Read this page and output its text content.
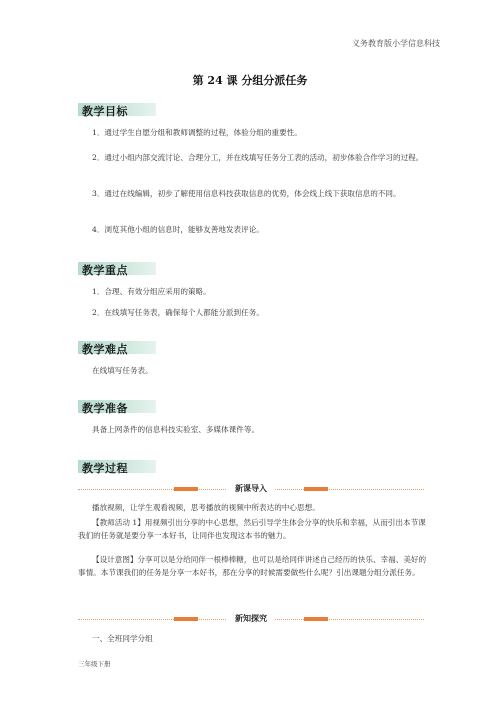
义务教育版小学信息科技
第 24 课 分组分派任务
教学目标
1．通过学生自愿分组和教师调整的过程，体验分组的重要性。
2．通过小组内部交流讨论、合理分工，并在线填写任务分工表的活动，初步体验合作学习的过程。
3．通过在线编辑，初步了解使用信息科技获取信息的优势，体会线上线下获取信息的不同。
4．浏览其他小组的信息时，能够友善地发表评论。
教学重点
1．合理、有效分组应采用的策略。
2．在线填写任务表，确保每个人都能分派到任务。
教学难点
在线填写任务表。
教学准备
具备上网条件的信息科技实验室、多媒体课件等。
教学过程
新课导入
播放视频，让学生观看视频，思考播放的视频中所表达的中心思想。
【教师活动 1】用视频引出分享的中心思想，然后引导学生体会分享的快乐和幸福，从而引出本节课我们的任务就是要分享一本好书，让同伴也发现这本书的魅力。
【设计意图】分享可以是分给同伴一根棒棒糖，也可以是给同伴讲述自己经历的快乐、幸福、美好的事情。本节课我们的任务是分享一本好书，那在分享的时候需要做些什么呢？引出课题分组分派任务。
新知探究
一、全班同学分组
三年级下册
